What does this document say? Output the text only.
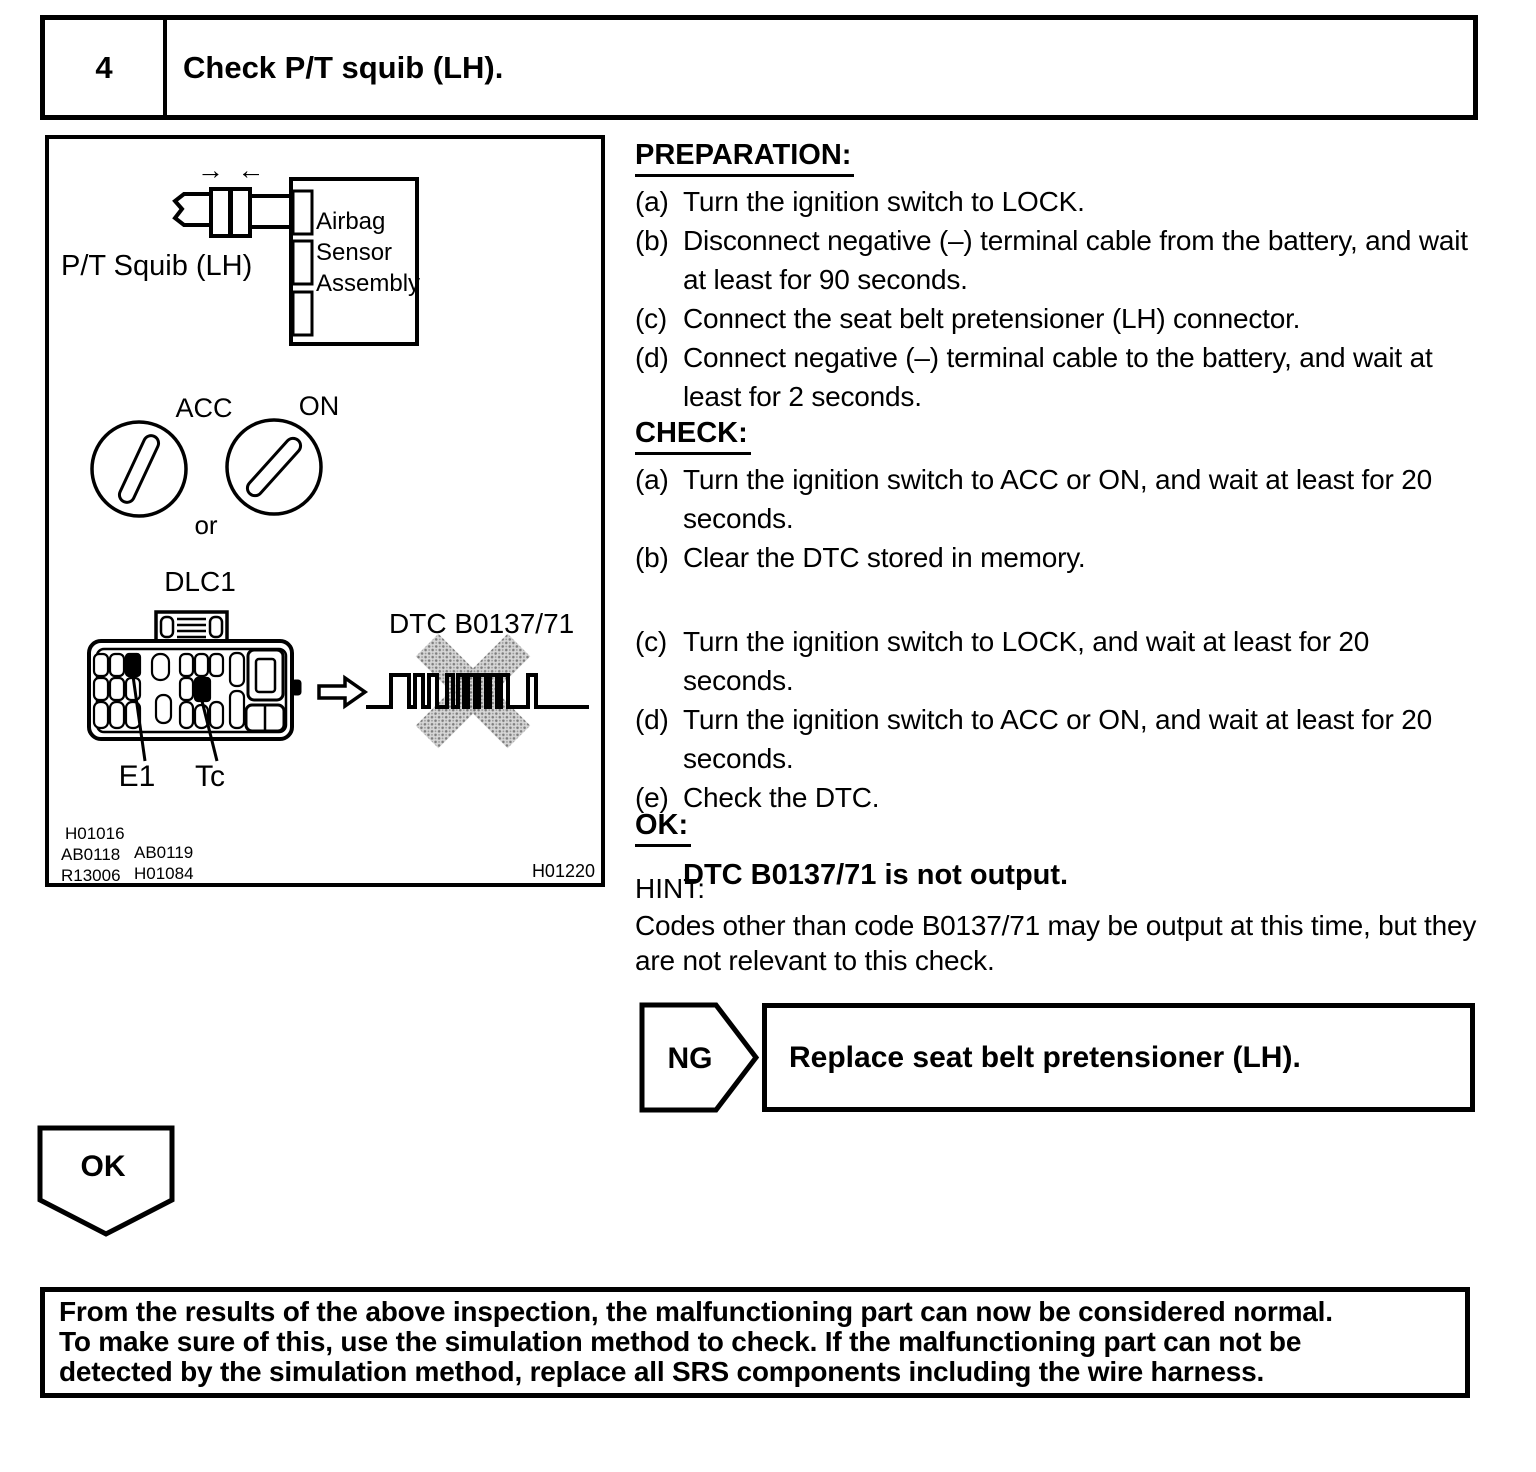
4	Check P/T squib (LH).
→ ←
P/T Squib (LH)
Airbag
Sensor
Assembly
ACC ON
or
DLC1
E1 Tc
DTC B0137/71
H01016
AB0118 AB0119
R13006 H01084	H01220
PREPARATION:
(a) Turn the ignition switch to LOCK.
(b) Disconnect negative (–) terminal cable from the battery, and wait at least for 90 seconds.
(c) Connect the seat belt pretensioner (LH) connector.
(d) Connect negative (–) terminal cable to the battery, and wait at least for 2 seconds.
CHECK:
(a) Turn the ignition switch to ACC or ON, and wait at least for 20 seconds.
(b) Clear the DTC stored in memory.
(c) Turn the ignition switch to LOCK, and wait at least for 20 seconds.
(d) Turn the ignition switch to ACC or ON, and wait at least for 20 seconds.
(e) Check the DTC.
OK:
DTC B0137/71 is not output.

HINT:

Codes other than code B0137/71 may be output at this time, but they are not relevant to this check.

NG	Replace seat belt pretensioner (LH).
OK
From the results of the above inspection, the malfunctioning part can now be considered normal.
To make sure of this, use the simulation method to check. If the malfunctioning part can not be
detected by the simulation method, replace all SRS components including the wire harness.
